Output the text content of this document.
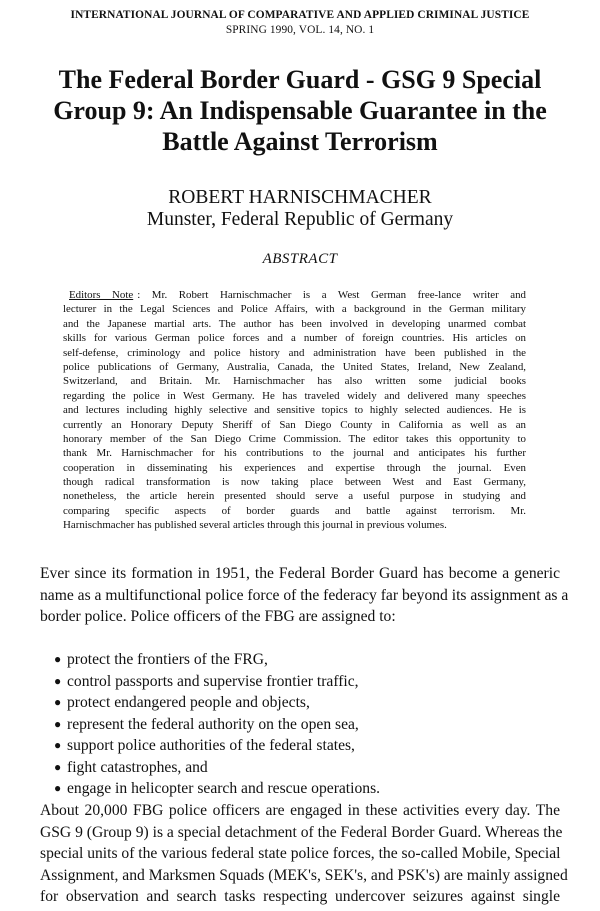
INTERNATIONAL JOURNAL OF COMPARATIVE AND APPLIED CRIMINAL JUSTICE
SPRING 1990, VOL. 14, NO. 1
The Federal Border Guard - GSG 9 Special
Group 9: An Indispensable Guarantee in the
Battle Against Terrorism
ROBERT HARNISCHMACHER
Munster, Federal Republic of Germany
ABSTRACT
Editors Note : Mr. Robert Harnischmacher is a West German free-lance writer and
lecturer in the Legal Sciences and Police Affairs, with a background in the German military
and the Japanese martial arts. The author has been involved in developing unarmed combat
skills for various German police forces and a number of foreign countries. His articles on
self-defense, criminology and police history and administration have been published in the
police publications of Germany, Australia, Canada, the United States, Ireland, New Zealand,
Switzerland, and Britain. Mr. Harnischmacher has also written some judicial books
regarding the police in West Germany. He has traveled widely and delivered many speeches
and lectures including highly selective and sensitive topics to highly selected audiences. He is
currently an Honorary Deputy Sheriff of San Diego County in California as well as an
honorary member of the San Diego Crime Commission. The editor takes this opportunity to
thank Mr. Harnischmacher for his contributions to the journal and anticipates his further
cooperation in disseminating his experiences and expertise through the journal. Even
though radical transformation is now taking place between West and East Germany,
nonetheless, the article herein presented should serve a useful purpose in studying and
comparing specific aspects of border guards and battle against terrorism. Mr.
Harnischmacher has published several articles through this journal in previous volumes.
Ever since its formation in 1951, the Federal Border Guard has become a generic
name as a multifunctional police force of the federacy far beyond its assignment as a
border police. Police officers of the FBG are assigned to:
● protect the frontiers of the FRG,
● control passports and supervise frontier traffic,
● protect endangered people and objects,
● represent the federal authority on the open sea,
● support police authorities of the federal states,
● fight catastrophes, and
● engage in helicopter search and rescue operations.
About 20,000 FBG police officers are engaged in these activities every day. The
GSG 9 (Group 9) is a special detachment of the Federal Border Guard. Whereas the
special units of the various federal state police forces, the so-called Mobile, Special
Assignment, and Marksmen Squads (MEK's, SEK's, and PSK's) are mainly assigned
for observation and search tasks respecting undercover seizures against single
